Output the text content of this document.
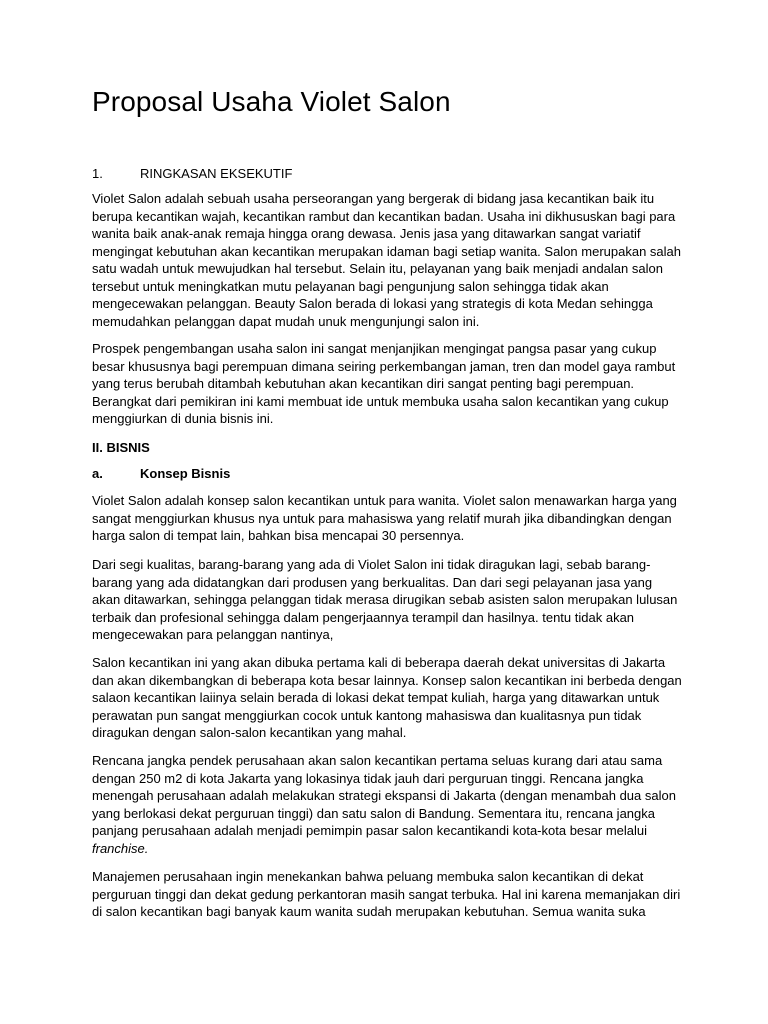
Proposal Usaha Violet Salon
1.	RINGKASAN EKSEKUTIF

Violet Salon adalah sebuah usaha perseorangan yang bergerak di bidang jasa kecantikan baik itu berupa kecantikan wajah, kecantikan rambut dan kecantikan badan. Usaha ini dikhususkan bagi para wanita baik anak-anak remaja hingga orang dewasa. Jenis jasa yang ditawarkan sangat variatif mengingat kebutuhan akan kecantikan merupakan idaman bagi setiap wanita. Salon merupakan salah satu wadah untuk mewujudkan hal tersebut. Selain itu, pelayanan yang baik menjadi andalan salon tersebut untuk meningkatkan mutu pelayanan bagi pengunjung salon sehingga tidak akan mengecewakan pelanggan. Beauty Salon berada di lokasi yang strategis di kota Medan sehingga memudahkan pelanggan dapat mudah unuk mengunjungi salon ini.

Prospek pengembangan usaha salon ini sangat menjanjikan mengingat pangsa pasar yang cukup besar khususnya bagi perempuan dimana seiring perkembangan jaman, tren dan model gaya rambut yang terus berubah ditambah kebutuhan akan kecantikan diri sangat penting bagi perempuan. Berangkat dari pemikiran ini kami membuat ide untuk membuka usaha salon kecantikan yang cukup menggiurkan di dunia bisnis ini.

II. BISNIS
a.	Konsep Bisnis

Violet Salon adalah konsep salon kecantikan untuk para wanita. Violet salon menawarkan harga yang sangat menggiurkan khusus nya untuk para mahasiswa yang relatif murah jika dibandingkan dengan harga salon di tempat lain, bahkan bisa mencapai 30 persennya.

Dari segi kualitas, barang-barang yang ada di Violet Salon ini tidak diragukan lagi, sebab barang-barang yang ada didatangkan dari produsen yang berkualitas. Dan dari segi pelayanan jasa yang akan ditawarkan, sehingga pelanggan tidak merasa dirugikan sebab asisten salon merupakan lulusan terbaik dan profesional sehingga dalam pengerjaannya terampil dan hasilnya. tentu tidak akan mengecewakan para pelanggan nantinya,

Salon kecantikan ini yang akan dibuka pertama kali di beberapa daerah dekat universitas di Jakarta dan akan dikembangkan di beberapa kota besar lainnya. Konsep salon kecantikan ini berbeda dengan salaon kecantikan laiinya selain berada di lokasi dekat tempat kuliah, harga yang ditawarkan untuk perawatan pun sangat menggiurkan cocok untuk kantong mahasiswa dan kualitasnya pun tidak diragukan dengan salon-salon kecantikan yang mahal.

Rencana jangka pendek perusahaan akan salon kecantikan pertama seluas kurang dari atau sama dengan 250 m2 di kota Jakarta yang lokasinya tidak jauh dari perguruan tinggi. Rencana jangka menengah perusahaan adalah melakukan strategi ekspansi di Jakarta (dengan menambah dua salon yang berlokasi dekat perguruan tinggi) dan satu salon di Bandung. Sementara itu, rencana jangka panjang perusahaan adalah menjadi pemimpin pasar salon kecantikandi kota-kota besar melalui franchise.

Manajemen perusahaan ingin menekankan bahwa peluang membuka salon kecantikan di dekat perguruan tinggi dan dekat gedung perkantoran masih sangat terbuka. Hal ini karena memanjakan diri di salon kecantikan bagi banyak kaum wanita sudah merupakan kebutuhan. Semua wanita suka
